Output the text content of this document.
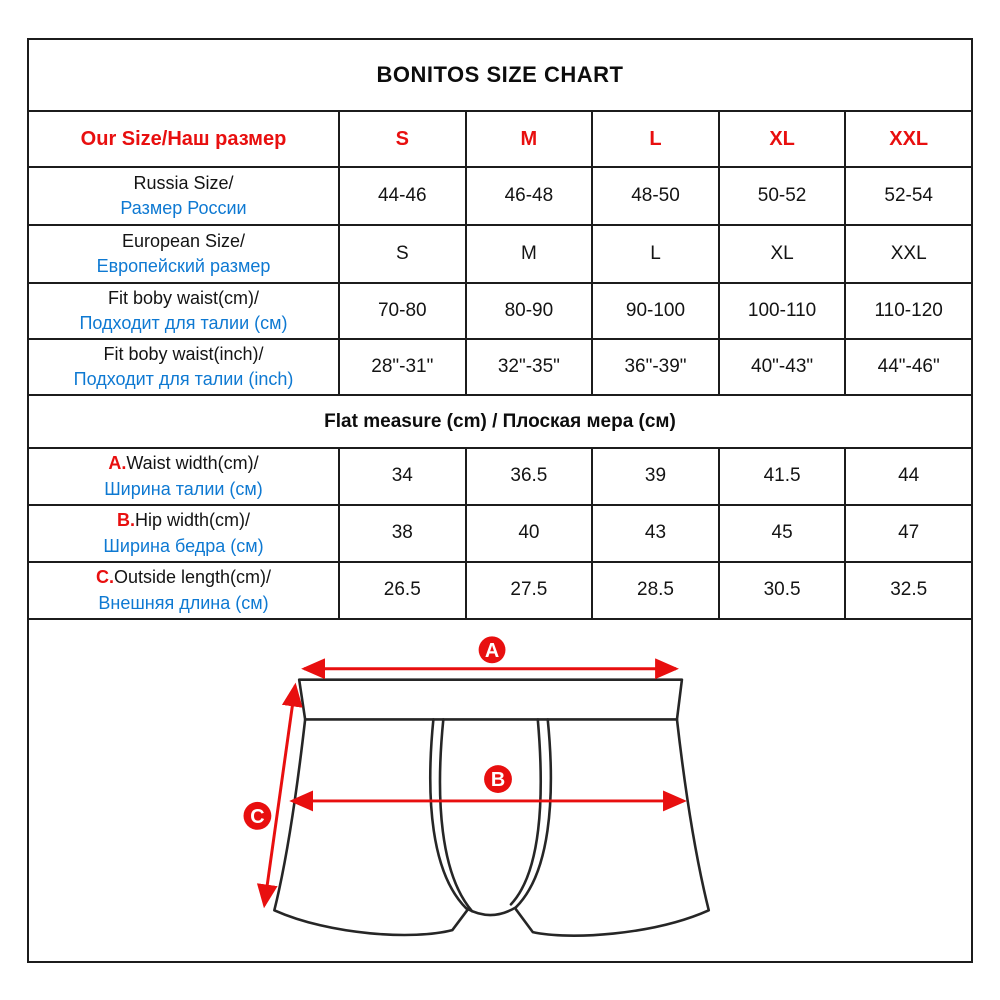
BONITOS SIZE CHART
Our Size/Наш размер	S	M	L	XL	XXL
Russia Size/
Размер России
44-46	46-48	48-50	50-52	52-54
European Size/
Европейский размер
S	M	L	XL	XXL
Fit boby waist(cm)/
Подходит для талии (см)
70-80	80-90	90-100	100-110	110-120
Fit boby waist(inch)/
Подходит для талии (inch)
28"-31"	32"-35"	36"-39"	40"-43"	44"-46"
Flat measure (cm) / Плоская мера (см)
A.Waist width(cm)/
Ширина талии (см)
34	36.5	39	41.5	44
B.Hip width(cm)/
Ширина бедра (см)
38	40	43	45	47
C.Outside length(cm)/
Внешняя длина (см)
26.5	27.5	28.5	30.5	32.5
A
B
C
